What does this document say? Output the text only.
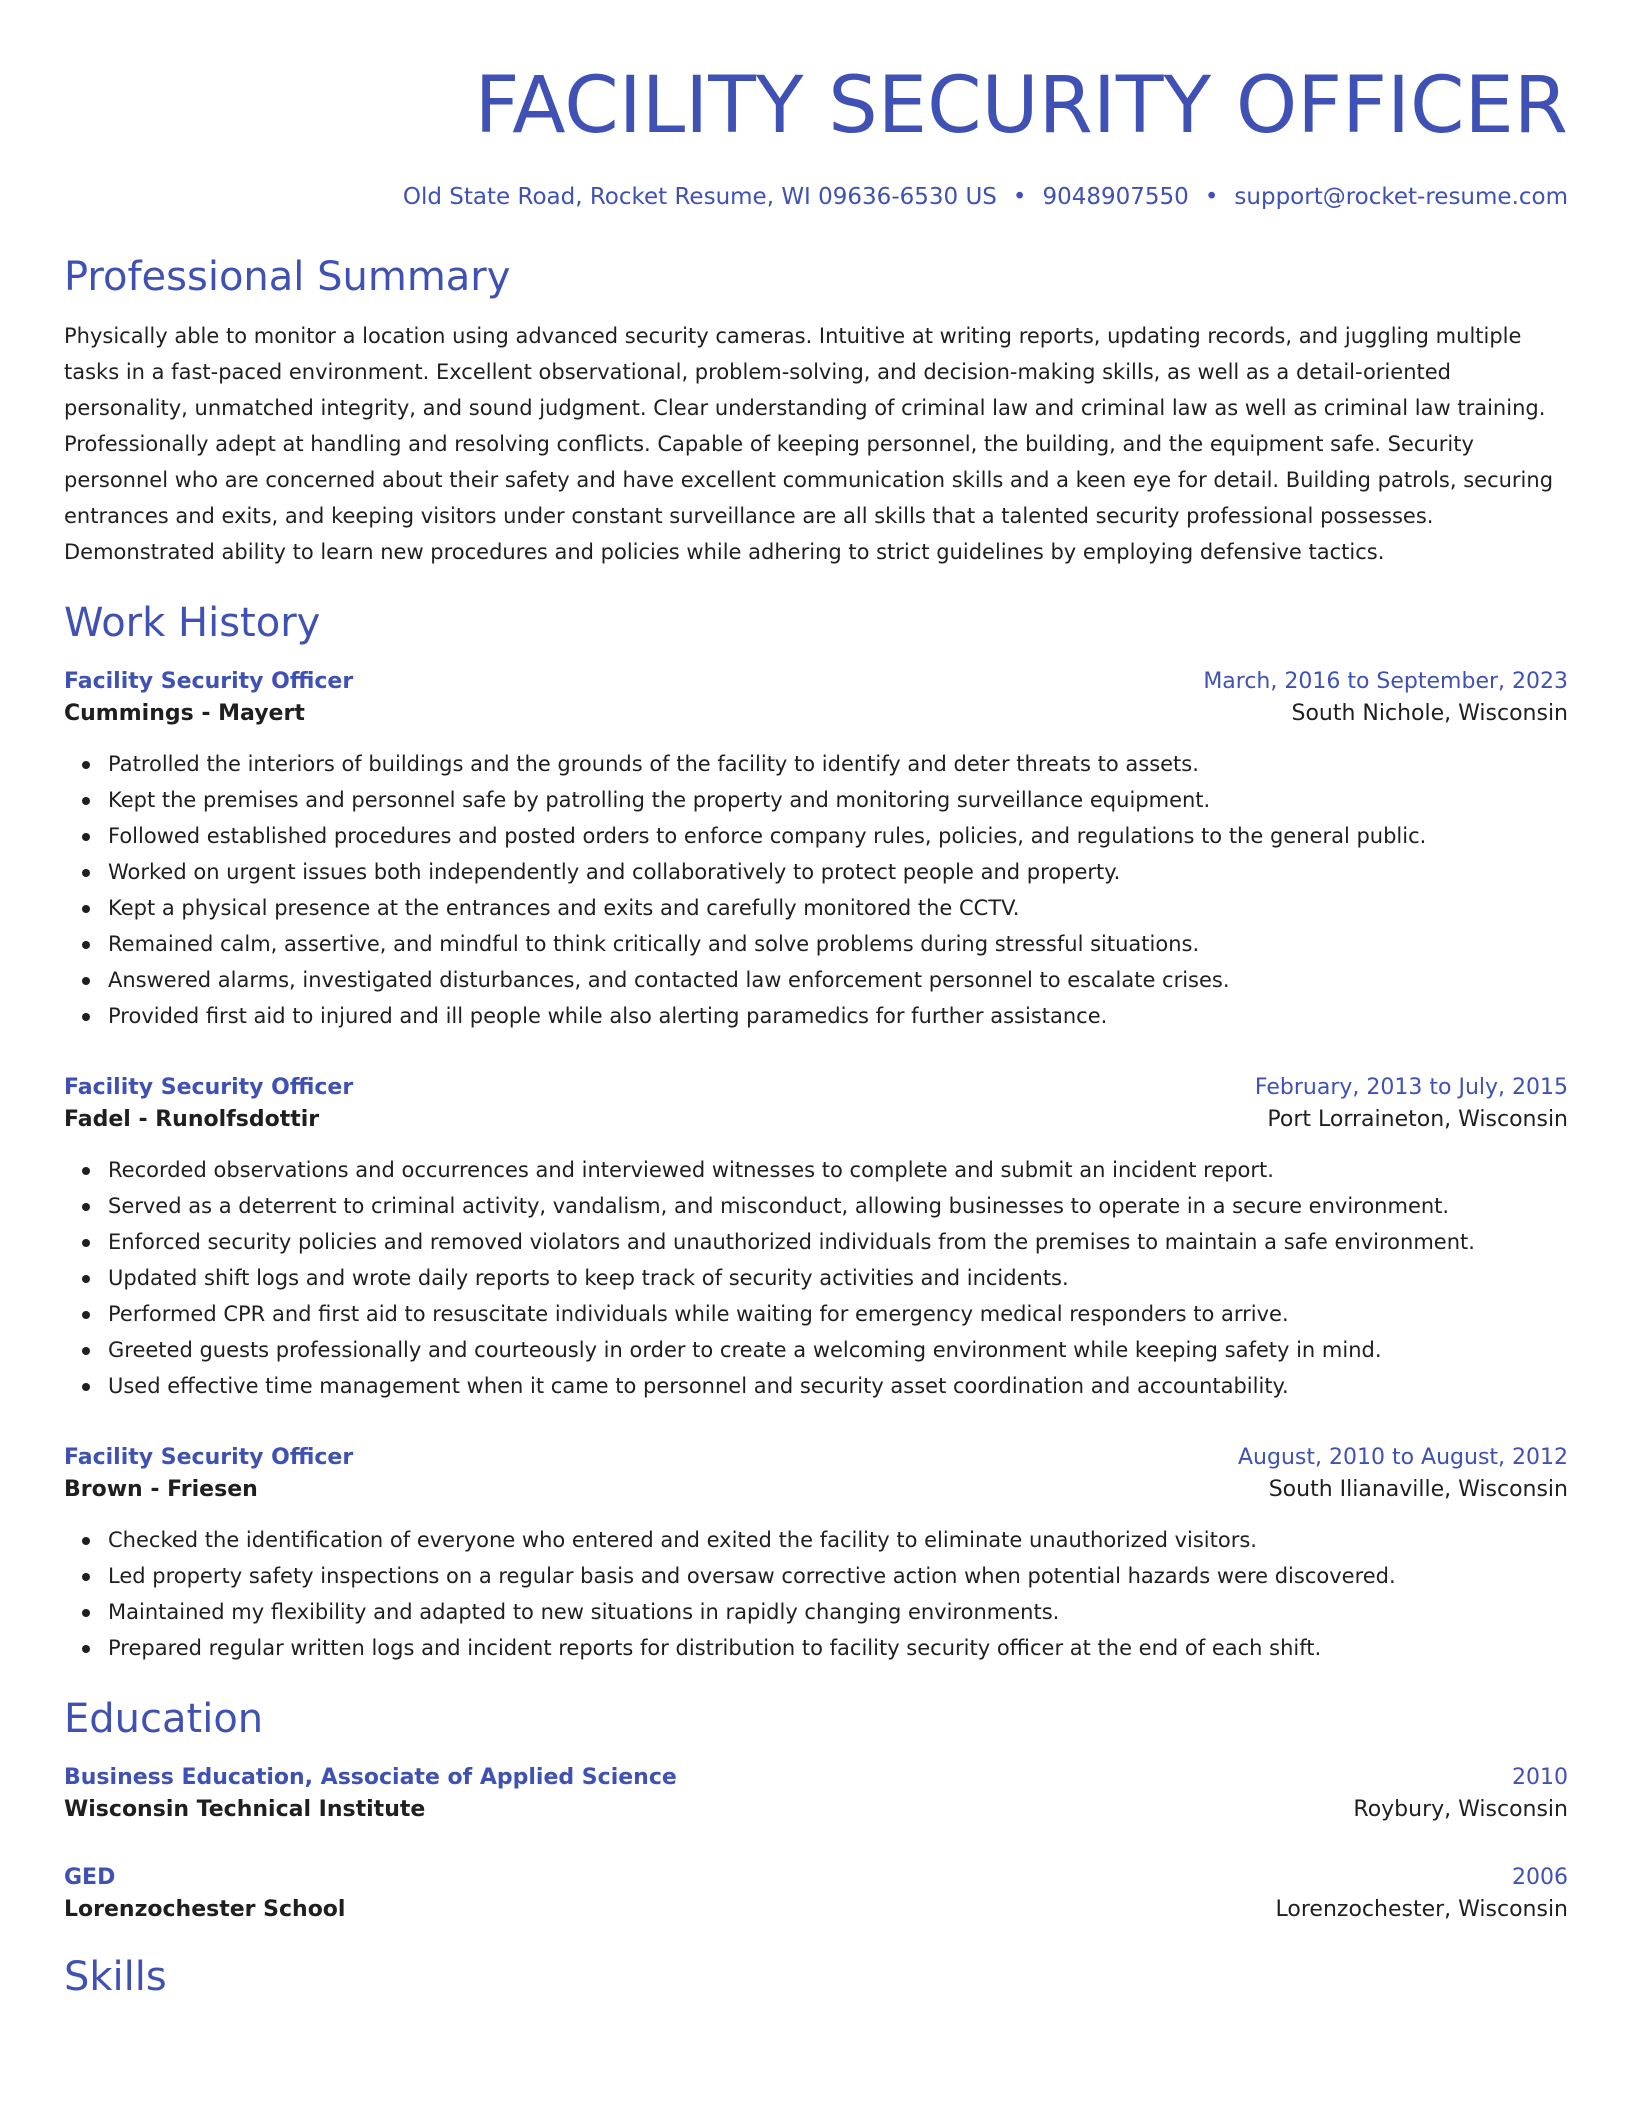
FACILITY SECURITY OFFICER
Old State Road, Rocket Resume, WI 09636-6530 US • 9048907550 • support@rocket-resume.com
Professional Summary

Physically able to monitor a location using advanced security cameras. Intuitive at writing reports, updating records, and juggling multiple tasks in a fast-paced environment. Excellent observational, problem-solving, and decision-making skills, as well as a detail-oriented personality, unmatched integrity, and sound judgment. Clear understanding of criminal law and criminal law as well as criminal law training. Professionally adept at handling and resolving conflicts. Capable of keeping personnel, the building, and the equipment safe. Security personnel who are concerned about their safety and have excellent communication skills and a keen eye for detail. Building patrols, securing entrances and exits, and keeping visitors under constant surveillance are all skills that a talented security professional possesses. Demonstrated ability to learn new procedures and policies while adhering to strict guidelines by employing defensive tactics.

Work History
Facility Security Officer	March, 2016 to September, 2023
Cummings - Mayert	South Nichole, Wisconsin
Patrolled the interiors of buildings and the grounds of the facility to identify and deter threats to assets.
Kept the premises and personnel safe by patrolling the property and monitoring surveillance equipment.
Followed established procedures and posted orders to enforce company rules, policies, and regulations to the general public.
Worked on urgent issues both independently and collaboratively to protect people and property.
Kept a physical presence at the entrances and exits and carefully monitored the CCTV.
Remained calm, assertive, and mindful to think critically and solve problems during stressful situations.
Answered alarms, investigated disturbances, and contacted law enforcement personnel to escalate crises.
Provided first aid to injured and ill people while also alerting paramedics for further assistance.
Facility Security Officer	February, 2013 to July, 2015
Fadel - Runolfsdottir	Port Lorraineton, Wisconsin
Recorded observations and occurrences and interviewed witnesses to complete and submit an incident report.
Served as a deterrent to criminal activity, vandalism, and misconduct, allowing businesses to operate in a secure environment.
Enforced security policies and removed violators and unauthorized individuals from the premises to maintain a safe environment.
Updated shift logs and wrote daily reports to keep track of security activities and incidents.
Performed CPR and first aid to resuscitate individuals while waiting for emergency medical responders to arrive.
Greeted guests professionally and courteously in order to create a welcoming environment while keeping safety in mind.
Used effective time management when it came to personnel and security asset coordination and accountability.
Facility Security Officer	August, 2010 to August, 2012
Brown - Friesen	South Ilianaville, Wisconsin
Checked the identification of everyone who entered and exited the facility to eliminate unauthorized visitors.
Led property safety inspections on a regular basis and oversaw corrective action when potential hazards were discovered.
Maintained my flexibility and adapted to new situations in rapidly changing environments.
Prepared regular written logs and incident reports for distribution to facility security officer at the end of each shift.
Education
Business Education, Associate of Applied Science	2010
Wisconsin Technical Institute	Roybury, Wisconsin
GED	2006
Lorenzochester School	Lorenzochester, Wisconsin
Skills
